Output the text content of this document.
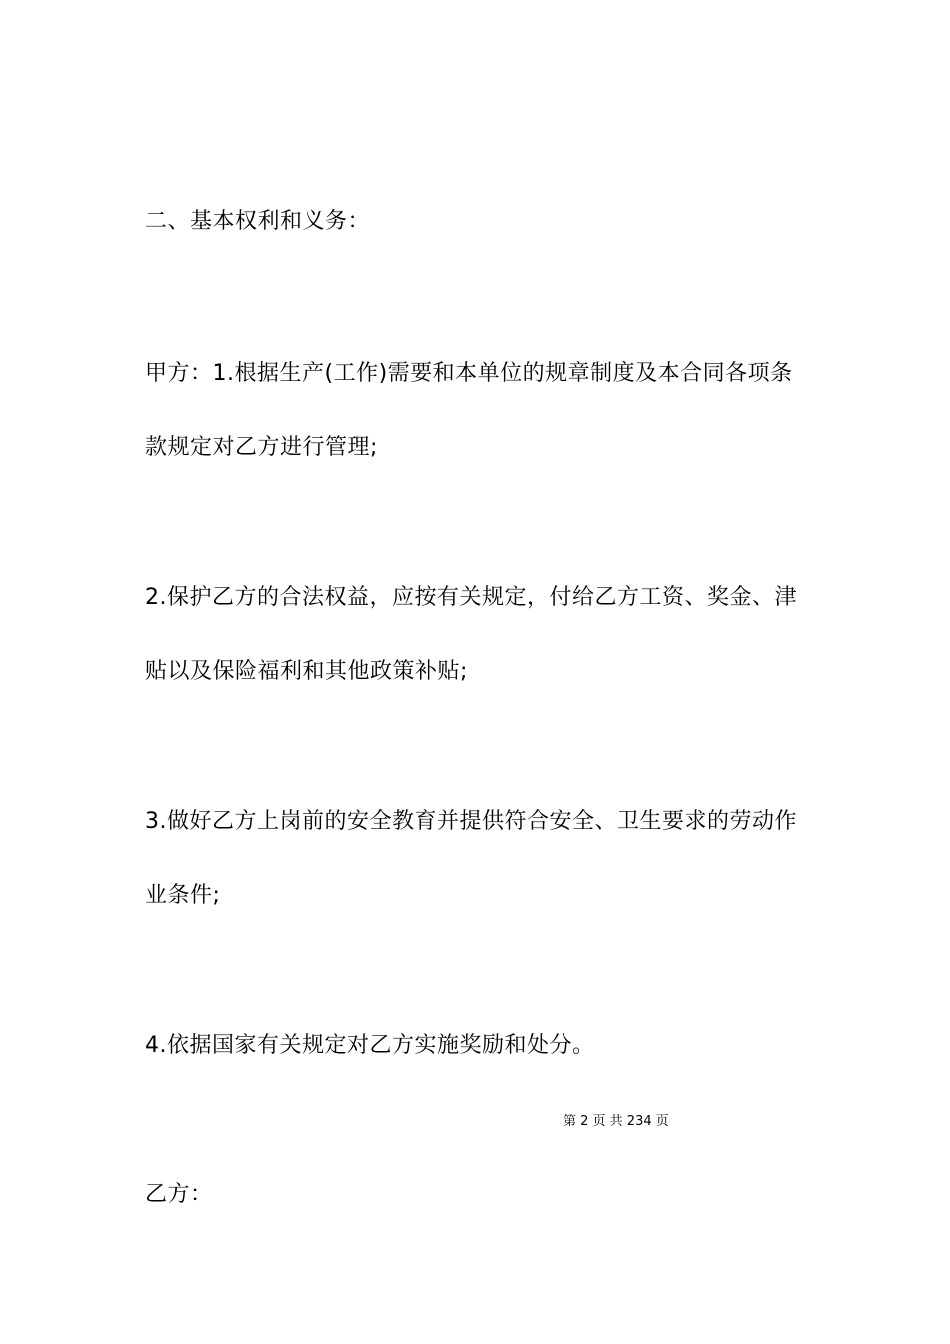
二、基本权利和义务：
甲方：1.根据生产(工作)需要和本单位的规章制度及本合同各项条
款规定对乙方进行管理;
2.保护乙方的合法权益，应按有关规定，付给乙方工资、奖金、津
贴以及保险福利和其他政策补贴;
3.做好乙方上岗前的安全教育并提供符合安全、卫生要求的劳动作
业条件;
4.依据国家有关规定对乙方实施奖励和处分。
第 2 页 共 234 页
乙方：
